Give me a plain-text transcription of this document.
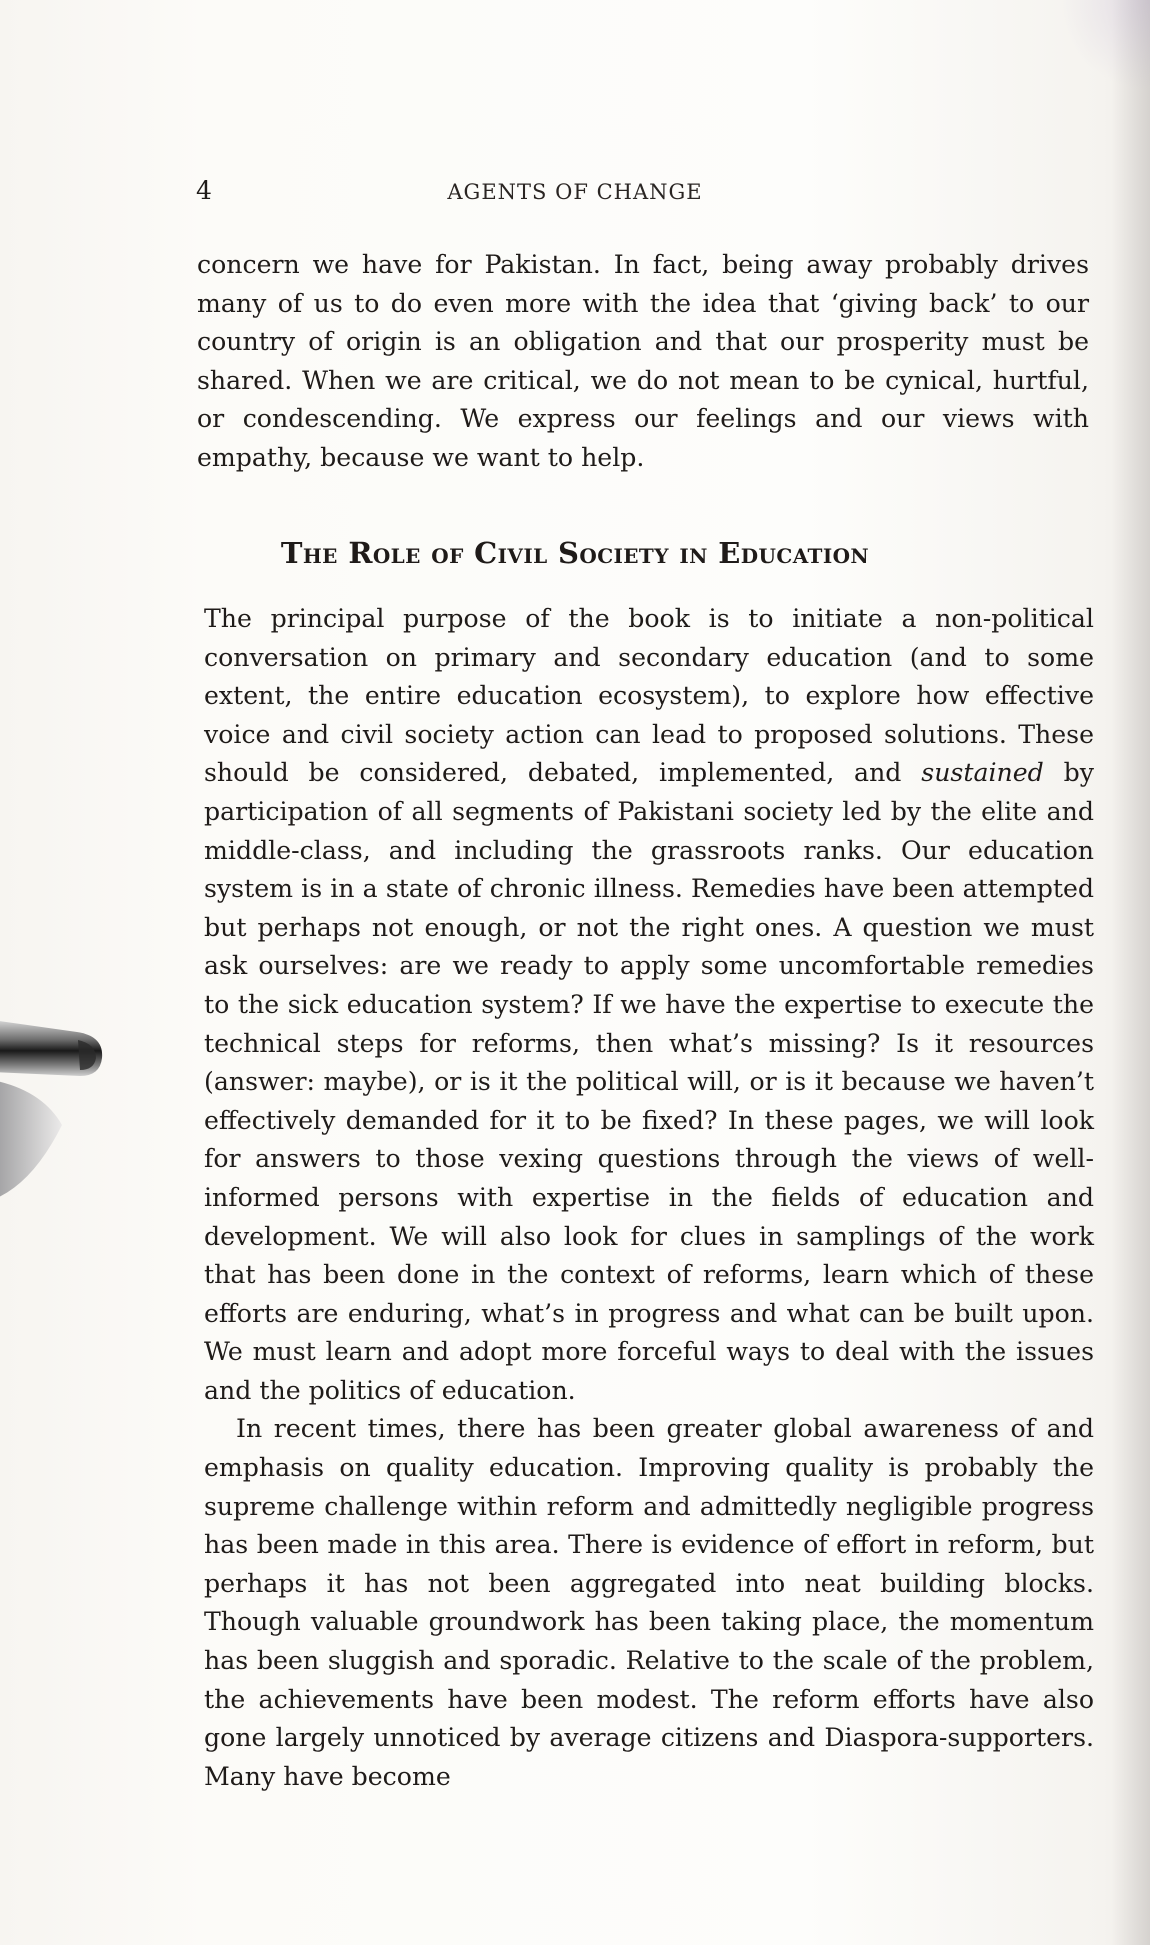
4	AGENTS OF CHANGE

concern we have for Pakistan. In fact, being away probably drives many of us to do even more with the idea that ‘giving back’ to our country of origin is an obligation and that our prosperity must be shared. When we are critical, we do not mean to be cynical, hurtful, or condescending. We express our feelings and our views with empathy, because we want to help.

The Role of Civil Society in Education

The principal purpose of the book is to initiate a non-political conversation on primary and secondary education (and to some extent, the entire education ecosystem), to explore how effective voice and civil society action can lead to proposed solutions. These should be considered, debated, implemented, and sustained by participation of all segments of Pakistani society led by the elite and middle-class, and including the grassroots ranks. Our education system is in a state of chronic illness. Remedies have been attempted but perhaps not enough, or not the right ones. A question we must ask ourselves: are we ready to apply some uncomfortable remedies to the sick education system? If we have the expertise to execute the technical steps for reforms, then what’s missing? Is it resources (answer: maybe), or is it the political will, or is it because we haven’t effectively demanded for it to be fixed? In these pages, we will look for answers to those vexing questions through the views of well-informed persons with expertise in the fields of education and development. We will also look for clues in samplings of the work that has been done in the context of reforms, learn which of these efforts are enduring, what’s in progress and what can be built upon. We must learn and adopt more forceful ways to deal with the issues and the politics of education.

In recent times, there has been greater global awareness of and emphasis on quality education. Improving quality is probably the supreme challenge within reform and admittedly negligible progress has been made in this area. There is evidence of effort in reform, but perhaps it has not been aggregated into neat building blocks. Though valuable groundwork has been taking place, the momentum has been sluggish and sporadic. Relative to the scale of the problem, the achievements have been modest. The reform efforts have also gone largely unnoticed by average citizens and Diaspora-supporters. Many have become
